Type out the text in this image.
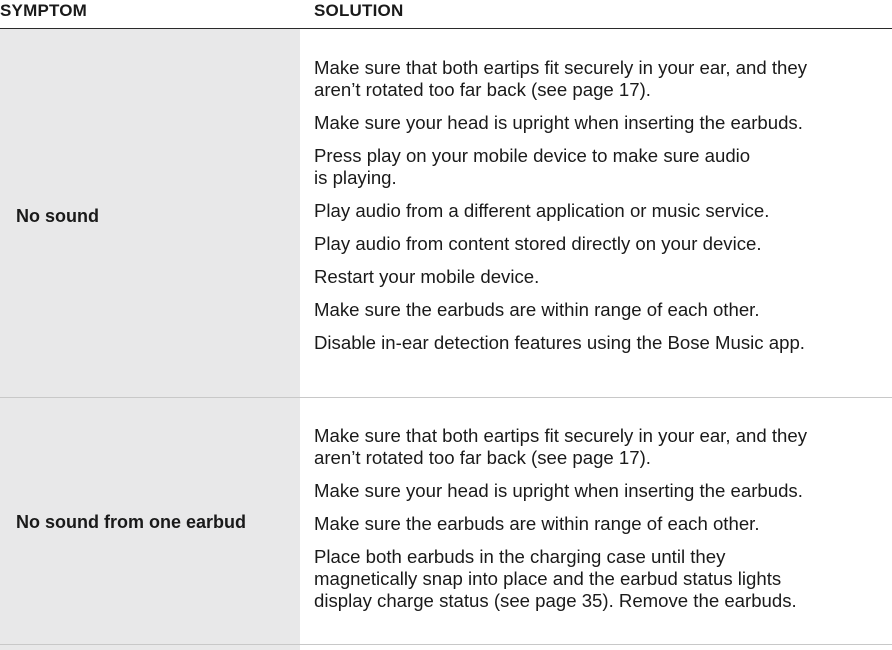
SYMPTOM	SOLUTION
No sound
Make sure that both eartips fit securely in your ear, and they
aren’t rotated too far back (see page 17).
Make sure your head is upright when inserting the earbuds.
Press play on your mobile device to make sure audio
is playing.
Play audio from a different application or music service.
Play audio from content stored directly on your device.
Restart your mobile device.
Make sure the earbuds are within range of each other.
Disable in-ear detection features using the Bose Music app.
No sound from one earbud
Make sure that both eartips fit securely in your ear, and they
aren’t rotated too far back (see page 17).
Make sure your head is upright when inserting the earbuds.
Make sure the earbuds are within range of each other.
Place both earbuds in the charging case until they
magnetically snap into place and the earbud status lights
display charge status (see page 35). Remove the earbuds.
